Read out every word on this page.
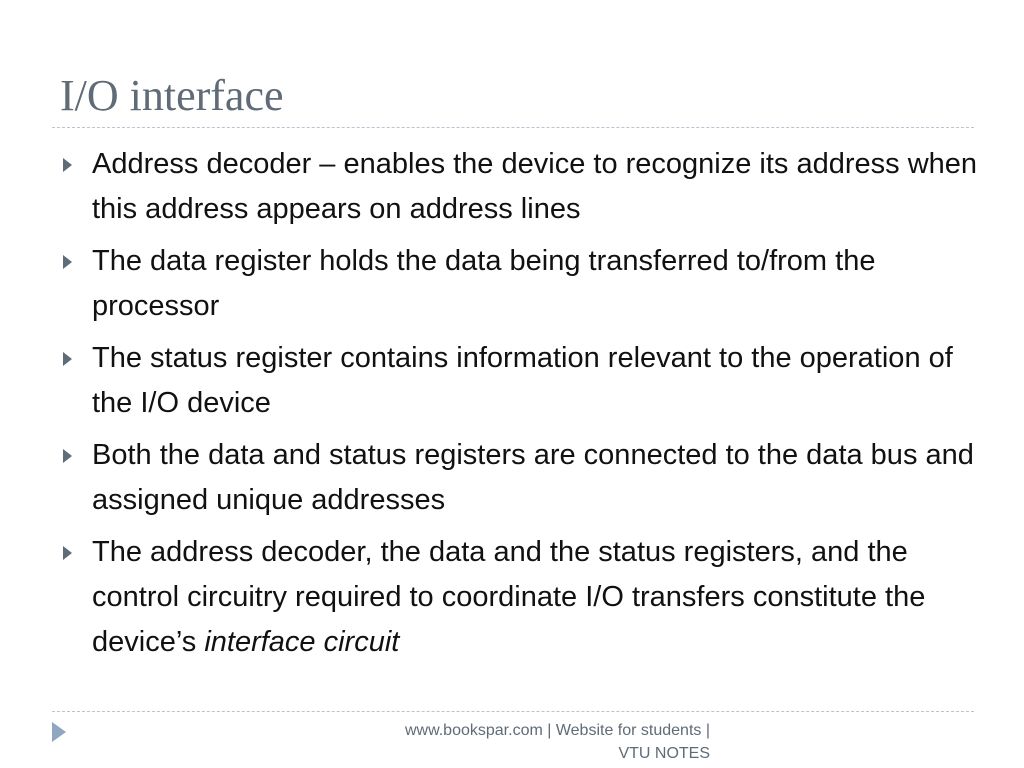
I/O interface
Address decoder – enables the device to recognize its address when this address appears on address lines
The data register holds the data being transferred to/from the processor
The status register contains information relevant to the operation of the I/O device
Both the data and status registers are connected to the data bus and assigned unique addresses
The address decoder, the data and the status registers, and the control circuitry required to coordinate I/O transfers constitute the device’s interface circuit

www.bookspar.com | Website for students |
VTU NOTES
